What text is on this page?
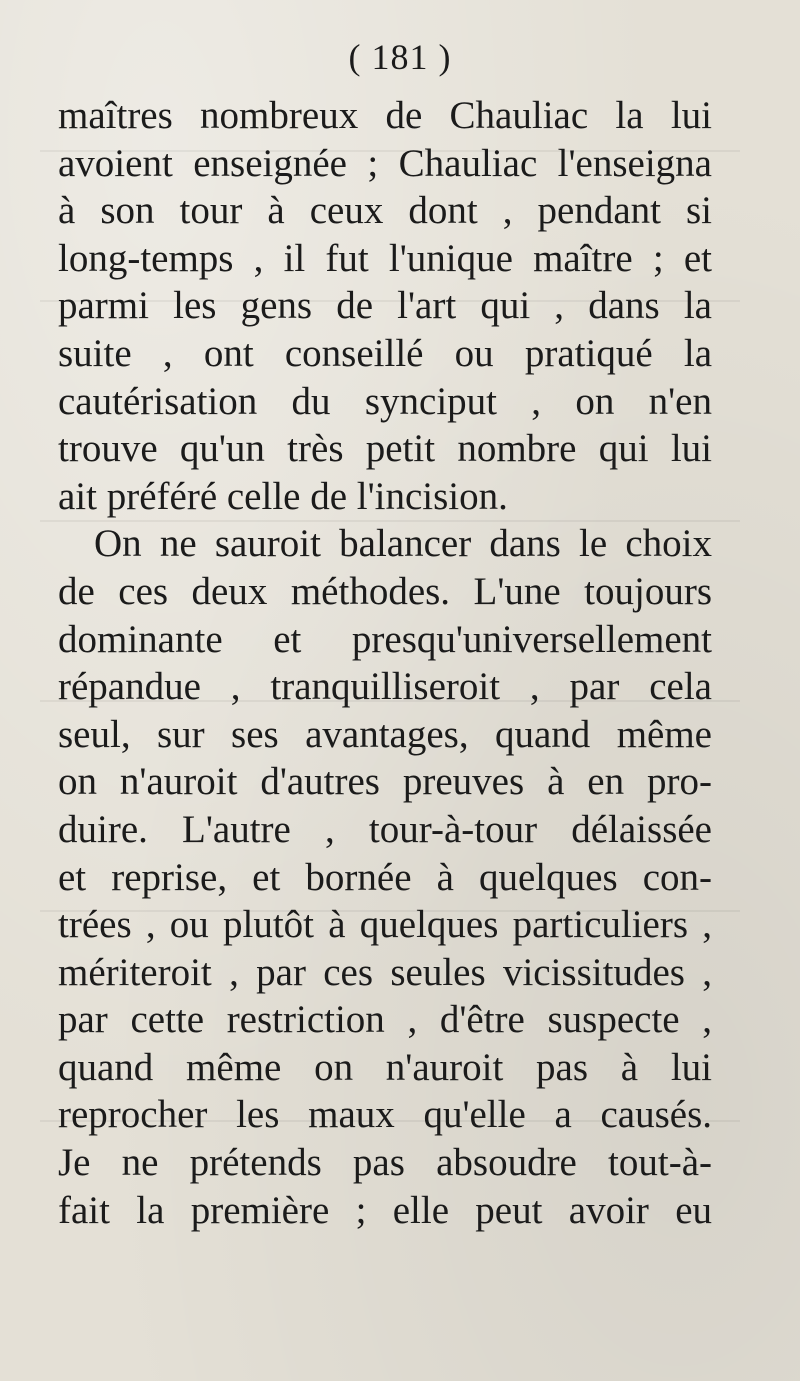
( 181 )
maîtres nombreux de Chauliac la lui
avoient enseignée ; Chauliac l'enseigna
à son tour à ceux dont , pendant si
long-temps , il fut l'unique maître ; et
parmi les gens de l'art qui , dans la
suite , ont conseillé ou pratiqué la
cautérisation du synciput , on n'en
trouve qu'un très petit nombre qui lui
ait préféré celle de l'incision.
On ne sauroit balancer dans le choix
de ces deux méthodes. L'une toujours
dominante et presqu'universellement
répandue , tranquilliseroit , par cela
seul, sur ses avantages, quand même
on n'auroit d'autres preuves à en pro-
duire. L'autre , tour-à-tour délaissée
et reprise, et bornée à quelques con-
trées , ou plutôt à quelques particuliers ,
mériteroit , par ces seules vicissitudes ,
par cette restriction , d'être suspecte ,
quand même on n'auroit pas à lui
reprocher les maux qu'elle a causés.
Je ne prétends pas absoudre tout-à-
fait la première ; elle peut avoir eu
